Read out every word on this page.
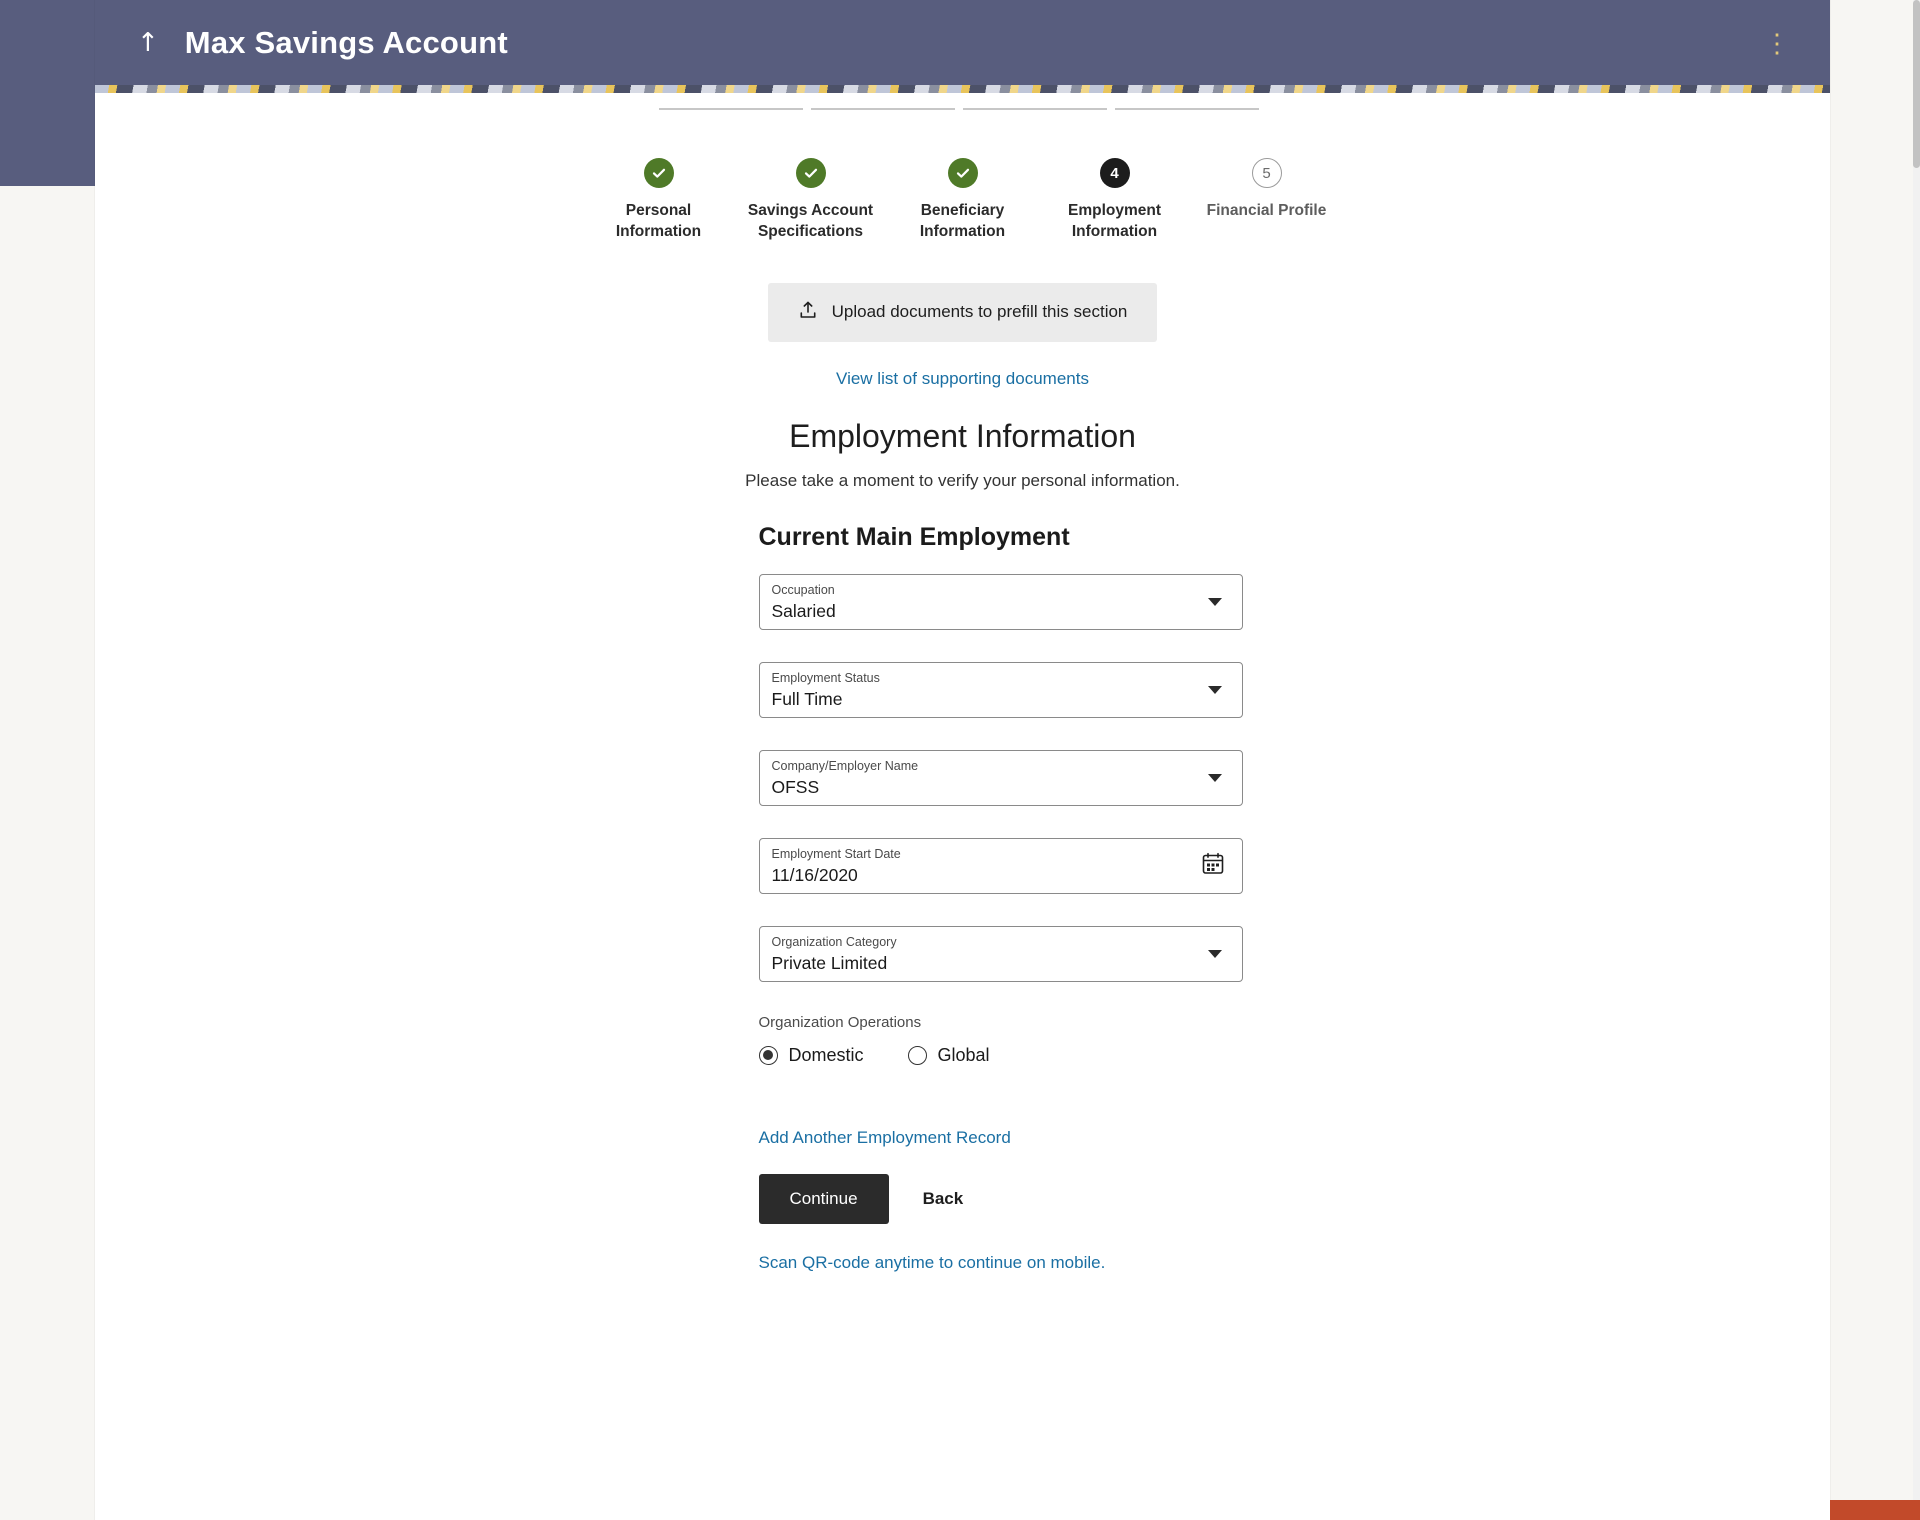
↑ Max Savings Account	⋮
Personal Information
Savings Account Specifications
Beneficiary Information
4
Employment Information
5
Financial Profile
Upload documents to prefill this section
View list of supporting documents
Employment Information
Please take a moment to verify your personal information.
Current Main Employment
Occupation
Salaried
Employment Status
Full Time
Company/Employer Name
OFSS
Employment Start Date
11/16/2020
Organization Category
Private Limited
Organization Operations
Domestic	Global
Add Another Employment Record
Continue	Back
Scan QR-code anytime to continue on mobile.
